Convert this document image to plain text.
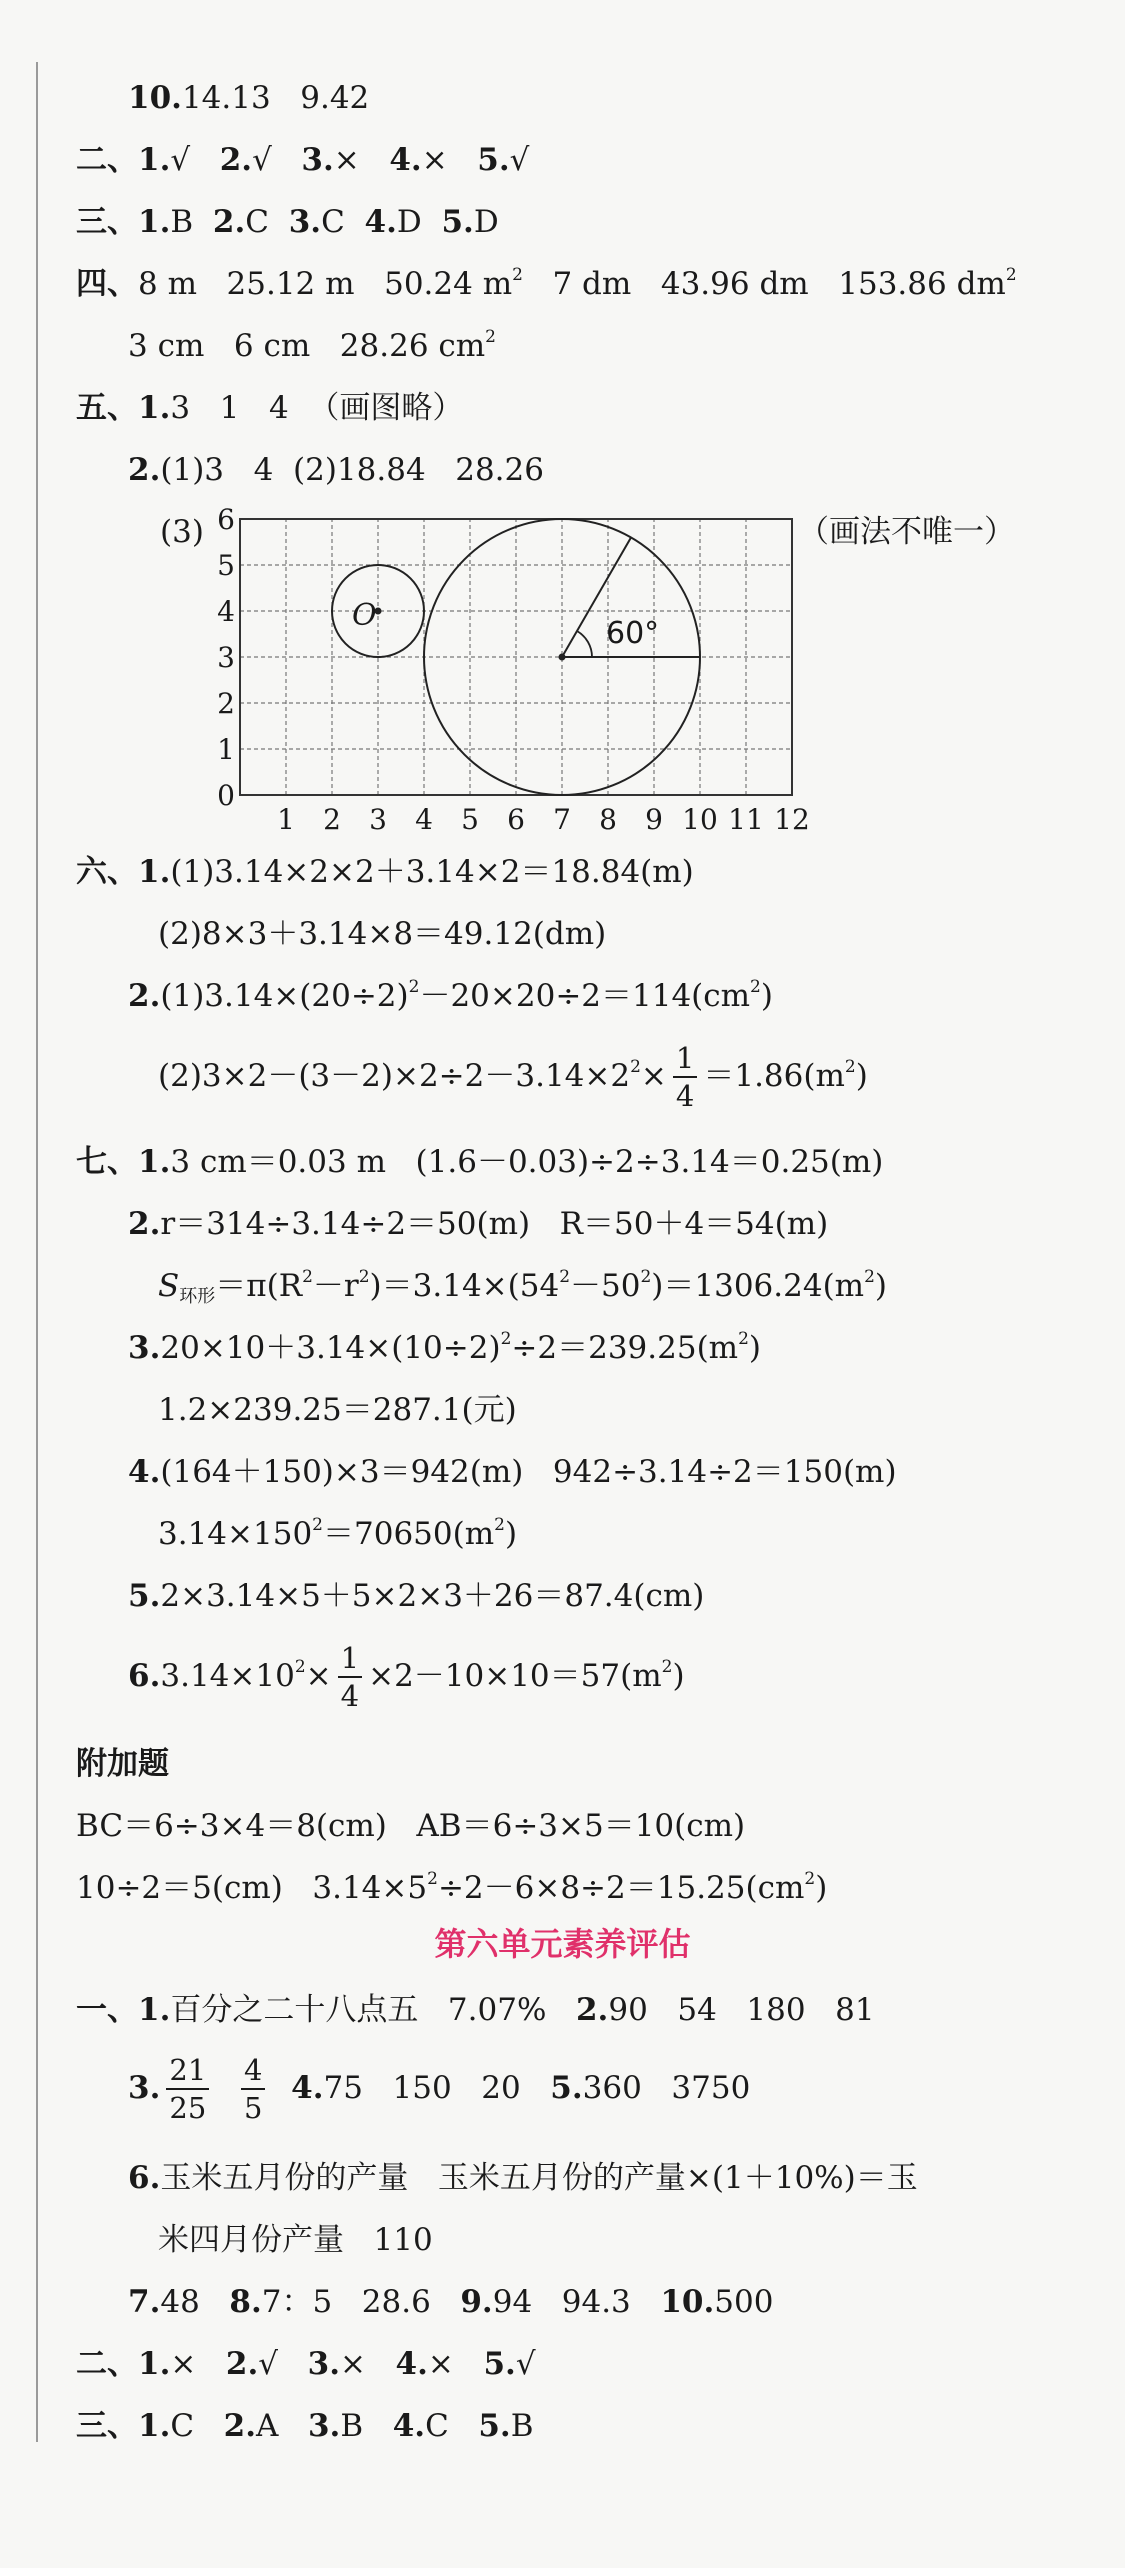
10.14.13   9.42
二、1.√   2.√   3.×   4.×   5.√
三、1.B  2.C  3.C  4.D  5.D
四、8 m   25.12 m   50.24 $m^2$   7 dm   43.96 dm   153.86 $dm^2$
3 cm   6 cm   28.26 $cm^2$
五、1.3   1   4  （画图略）
2.(1)3   4  (2)18.84   28.26
(3)	（画法不唯一）
0
1 2 3 4 5 6 7 8 9 10 11 12
1
2
3
4
5
6
O
60°
六、1.(1)3.14×2×2＋3.14×2＝18.84(m)
(2)8×3＋3.14×8＝49.12(dm)
$2.(1)3.14\times(20\div 2)^2-20\times 20\div 2=114(cm^2)$
$(2)3\times 2-(3-2)\times 2\div 2-3.14\times 2^2\times \frac{1}{4} =1.86(m^2)$
七、1.3 cm＝0.03 m   (1.6－0.03)÷2÷3.14＝0.25(m)
2.r＝314÷3.14÷2＝50(m)   R＝50＋4＝54(m)
$S_{环形}=\pi(R^2-r^2)=3.14\times(54^2-50^2)=1306.24(m^2)$
$3.20\times 10+3.14\times(10\div 2)^2\div 2=239.25(m^2)$
1.2×239.25＝287.1(元)
4.(164＋150)×3＝942(m)   942÷3.14÷2＝150(m)
$3.14\times 150^2=70650(m^2)$
5.2×3.14×5＋5×2×3＋26＝87.4(cm)
$6.3.14\times 10^2\times \frac{1}{4} \times 2-10\times 10=57(m^2)$
附加题
BC＝6÷3×4＝8(cm)   AB＝6÷3×5＝10(cm)
10÷2＝5(cm)   $3.14\times 5^2\div 2-6\times 8\div 2=15.25(cm^2)$
第六单元素养评估
一、1.百分之二十八点五   7.07%   2.90   54   180   81
3. $\frac{21}{25}$
$\frac{4}{5} 4.75$   150   20   5.360   3750
6.玉米五月份的产量   玉米五月份的产量×(1＋10%)＝玉
米四月份产量   110
7.48   8.7：5   28.6   9.94   94.3   10.500
二、1.×   2.√   3.×   4.×   5.√
三、1.C   2.A   3.B   4.C   5.B
